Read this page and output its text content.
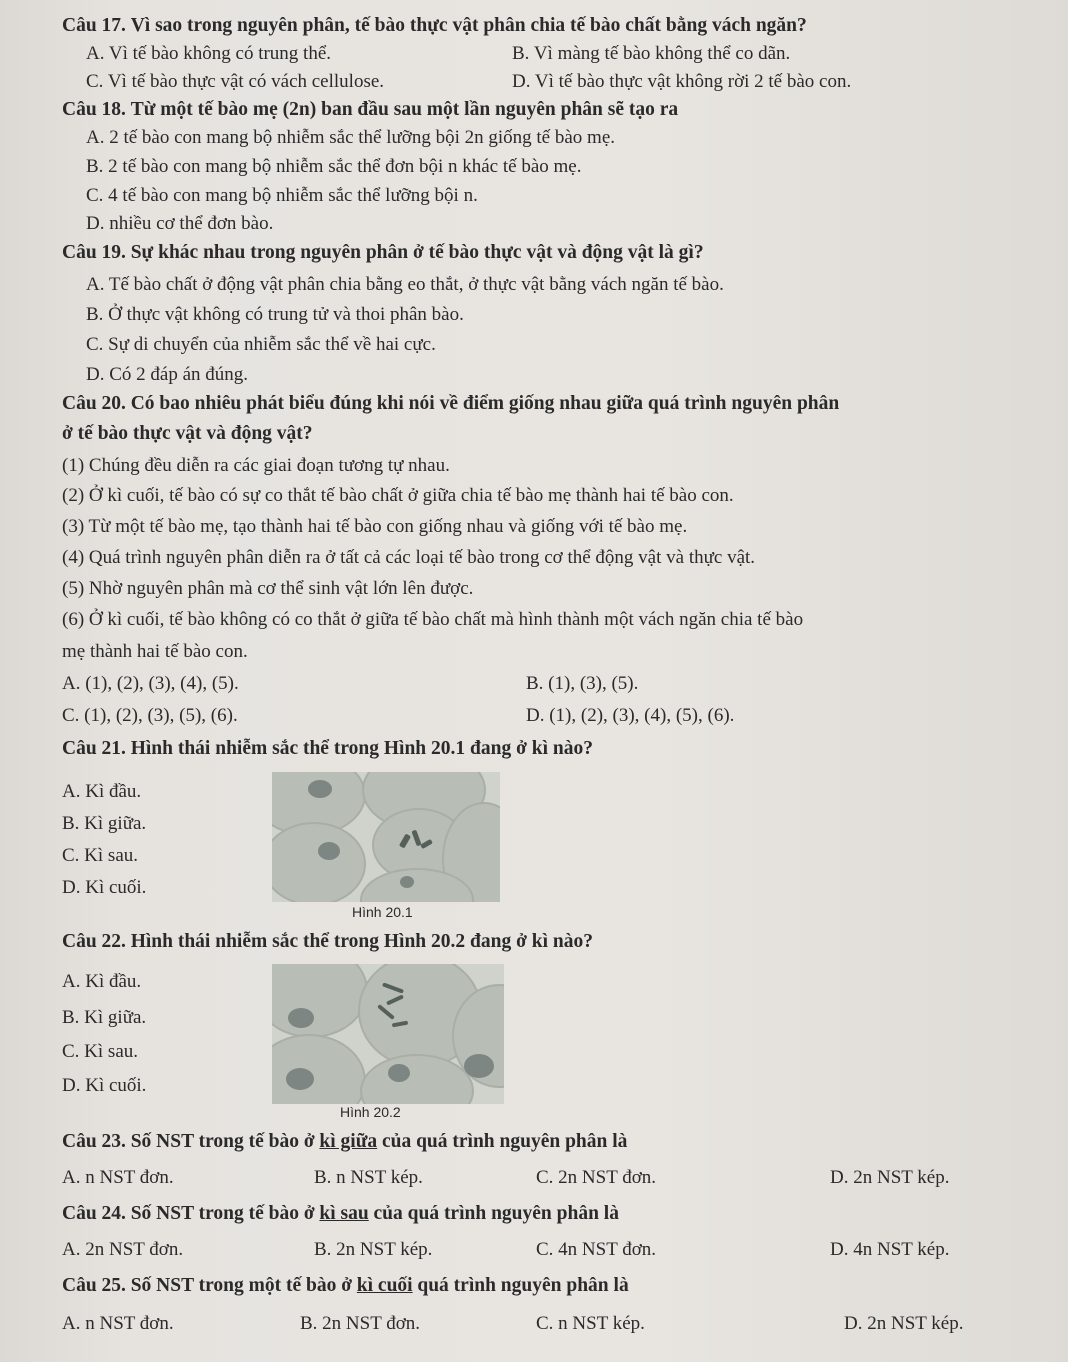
Câu 17. Vì sao trong nguyên phân, tế bào thực vật phân chia tế bào chất bằng vách ngăn?
A. Vì tế bào không có trung thể.	B. Vì màng tế bào không thể co dãn.
C. Vì tế bào thực vật có vách cellulose.	D. Vì tế bào thực vật không rời 2 tế bào con.
Câu 18. Từ một tế bào mẹ (2n) ban đầu sau một lần nguyên phân sẽ tạo ra
A. 2 tế bào con mang bộ nhiễm sắc thể lưỡng bội 2n giống tế bào mẹ.
B. 2 tế bào con mang bộ nhiễm sắc thể đơn bội n khác tế bào mẹ.
C. 4 tế bào con mang bộ nhiễm sắc thể lưỡng bội n.
D. nhiều cơ thể đơn bào.
Câu 19. Sự khác nhau trong nguyên phân ở tế bào thực vật và động vật là gì?
A. Tế bào chất ở động vật phân chia bằng eo thắt, ở thực vật bằng vách ngăn tế bào.
B. Ở thực vật không có trung tử và thoi phân bào.
C. Sự di chuyển của nhiễm sắc thể về hai cực.
D. Có 2 đáp án đúng.
Câu 20. Có bao nhiêu phát biểu đúng khi nói về điểm giống nhau giữa quá trình nguyên phân
ở tế bào thực vật và động vật?
(1) Chúng đều diễn ra các giai đoạn tương tự nhau.
(2) Ở kì cuối, tế bào có sự co thắt tế bào chất ở giữa chia tế bào mẹ thành hai tế bào con.
(3) Từ một tế bào mẹ, tạo thành hai tế bào con giống nhau và giống với tế bào mẹ.
(4) Quá trình nguyên phân diễn ra ở tất cả các loại tế bào trong cơ thể động vật và thực vật.
(5) Nhờ nguyên phân mà cơ thể sinh vật lớn lên được.
(6) Ở kì cuối, tế bào không có co thắt ở giữa tế bào chất mà hình thành một vách ngăn chia tế bào
mẹ thành hai tế bào con.
A. (1), (2), (3), (4), (5).	B. (1), (3), (5).
C. (1), (2), (3), (5), (6).	D. (1), (2), (3), (4), (5), (6).
Câu 21. Hình thái nhiễm sắc thể trong Hình 20.1 đang ở kì nào?
A. Kì đầu.
B. Kì giữa.
C. Kì sau.
D. Kì cuối.
Hình 20.1
Câu 22. Hình thái nhiễm sắc thể trong Hình 20.2 đang ở kì nào?
A. Kì đầu.
B. Kì giữa.
C. Kì sau.
D. Kì cuối.
Hình 20.2
Câu 23. Số NST trong tế bào ở kì giữa của quá trình nguyên phân là
A. n NST đơn.	B. n NST kép.	C. 2n NST đơn.	D. 2n NST kép.
Câu 24. Số NST trong tế bào ở kì sau của quá trình nguyên phân là
A. 2n NST đơn.	B. 2n NST kép.	C. 4n NST đơn.	D. 4n NST kép.
Câu 25. Số NST trong một tế bào ở kì cuối quá trình nguyên phân là
A. n NST đơn.	B. 2n NST đơn.	C. n NST kép.	D. 2n NST kép.
